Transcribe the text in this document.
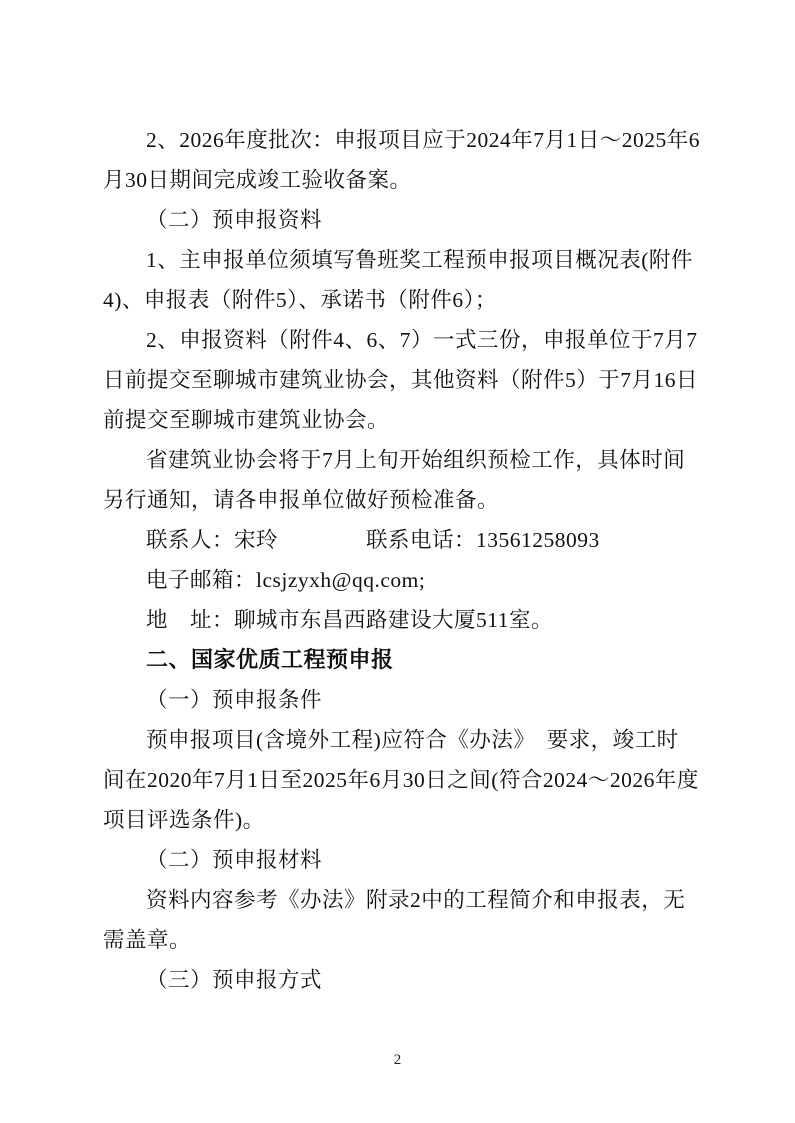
2、2026年度批次：申报项目应于2024年7月1日～2025年6
月30日期间完成竣工验收备案。
（二）预申报资料
1、主申报单位须填写鲁班奖工程预申报项目概况表(附件
4)、申报表（附件5）、承诺书（附件6）；
2、申报资料（附件4、6、7）一式三份，申报单位于7月7
日前提交至聊城市建筑业协会，其他资料（附件5）于7月16日
前提交至聊城市建筑业协会。
省建筑业协会将于7月上旬开始组织预检工作，具体时间
另行通知，请各申报单位做好预检准备。
联系人：宋玲　　　　联系电话：13561258093
电子邮箱：lcsjzyxh@qq.com;
地　址：聊城市东昌西路建设大厦511室。
二、国家优质工程预申报
（一）预申报条件
预申报项目(含境外工程)应符合《办法》　要求，竣工时
间在2020年7月1日至2025年6月30日之间(符合2024～2026年度
项目评选条件)。
（二）预申报材料
资料内容参考《办法》附录2中的工程简介和申报表，无
需盖章。
（三）预申报方式
2
